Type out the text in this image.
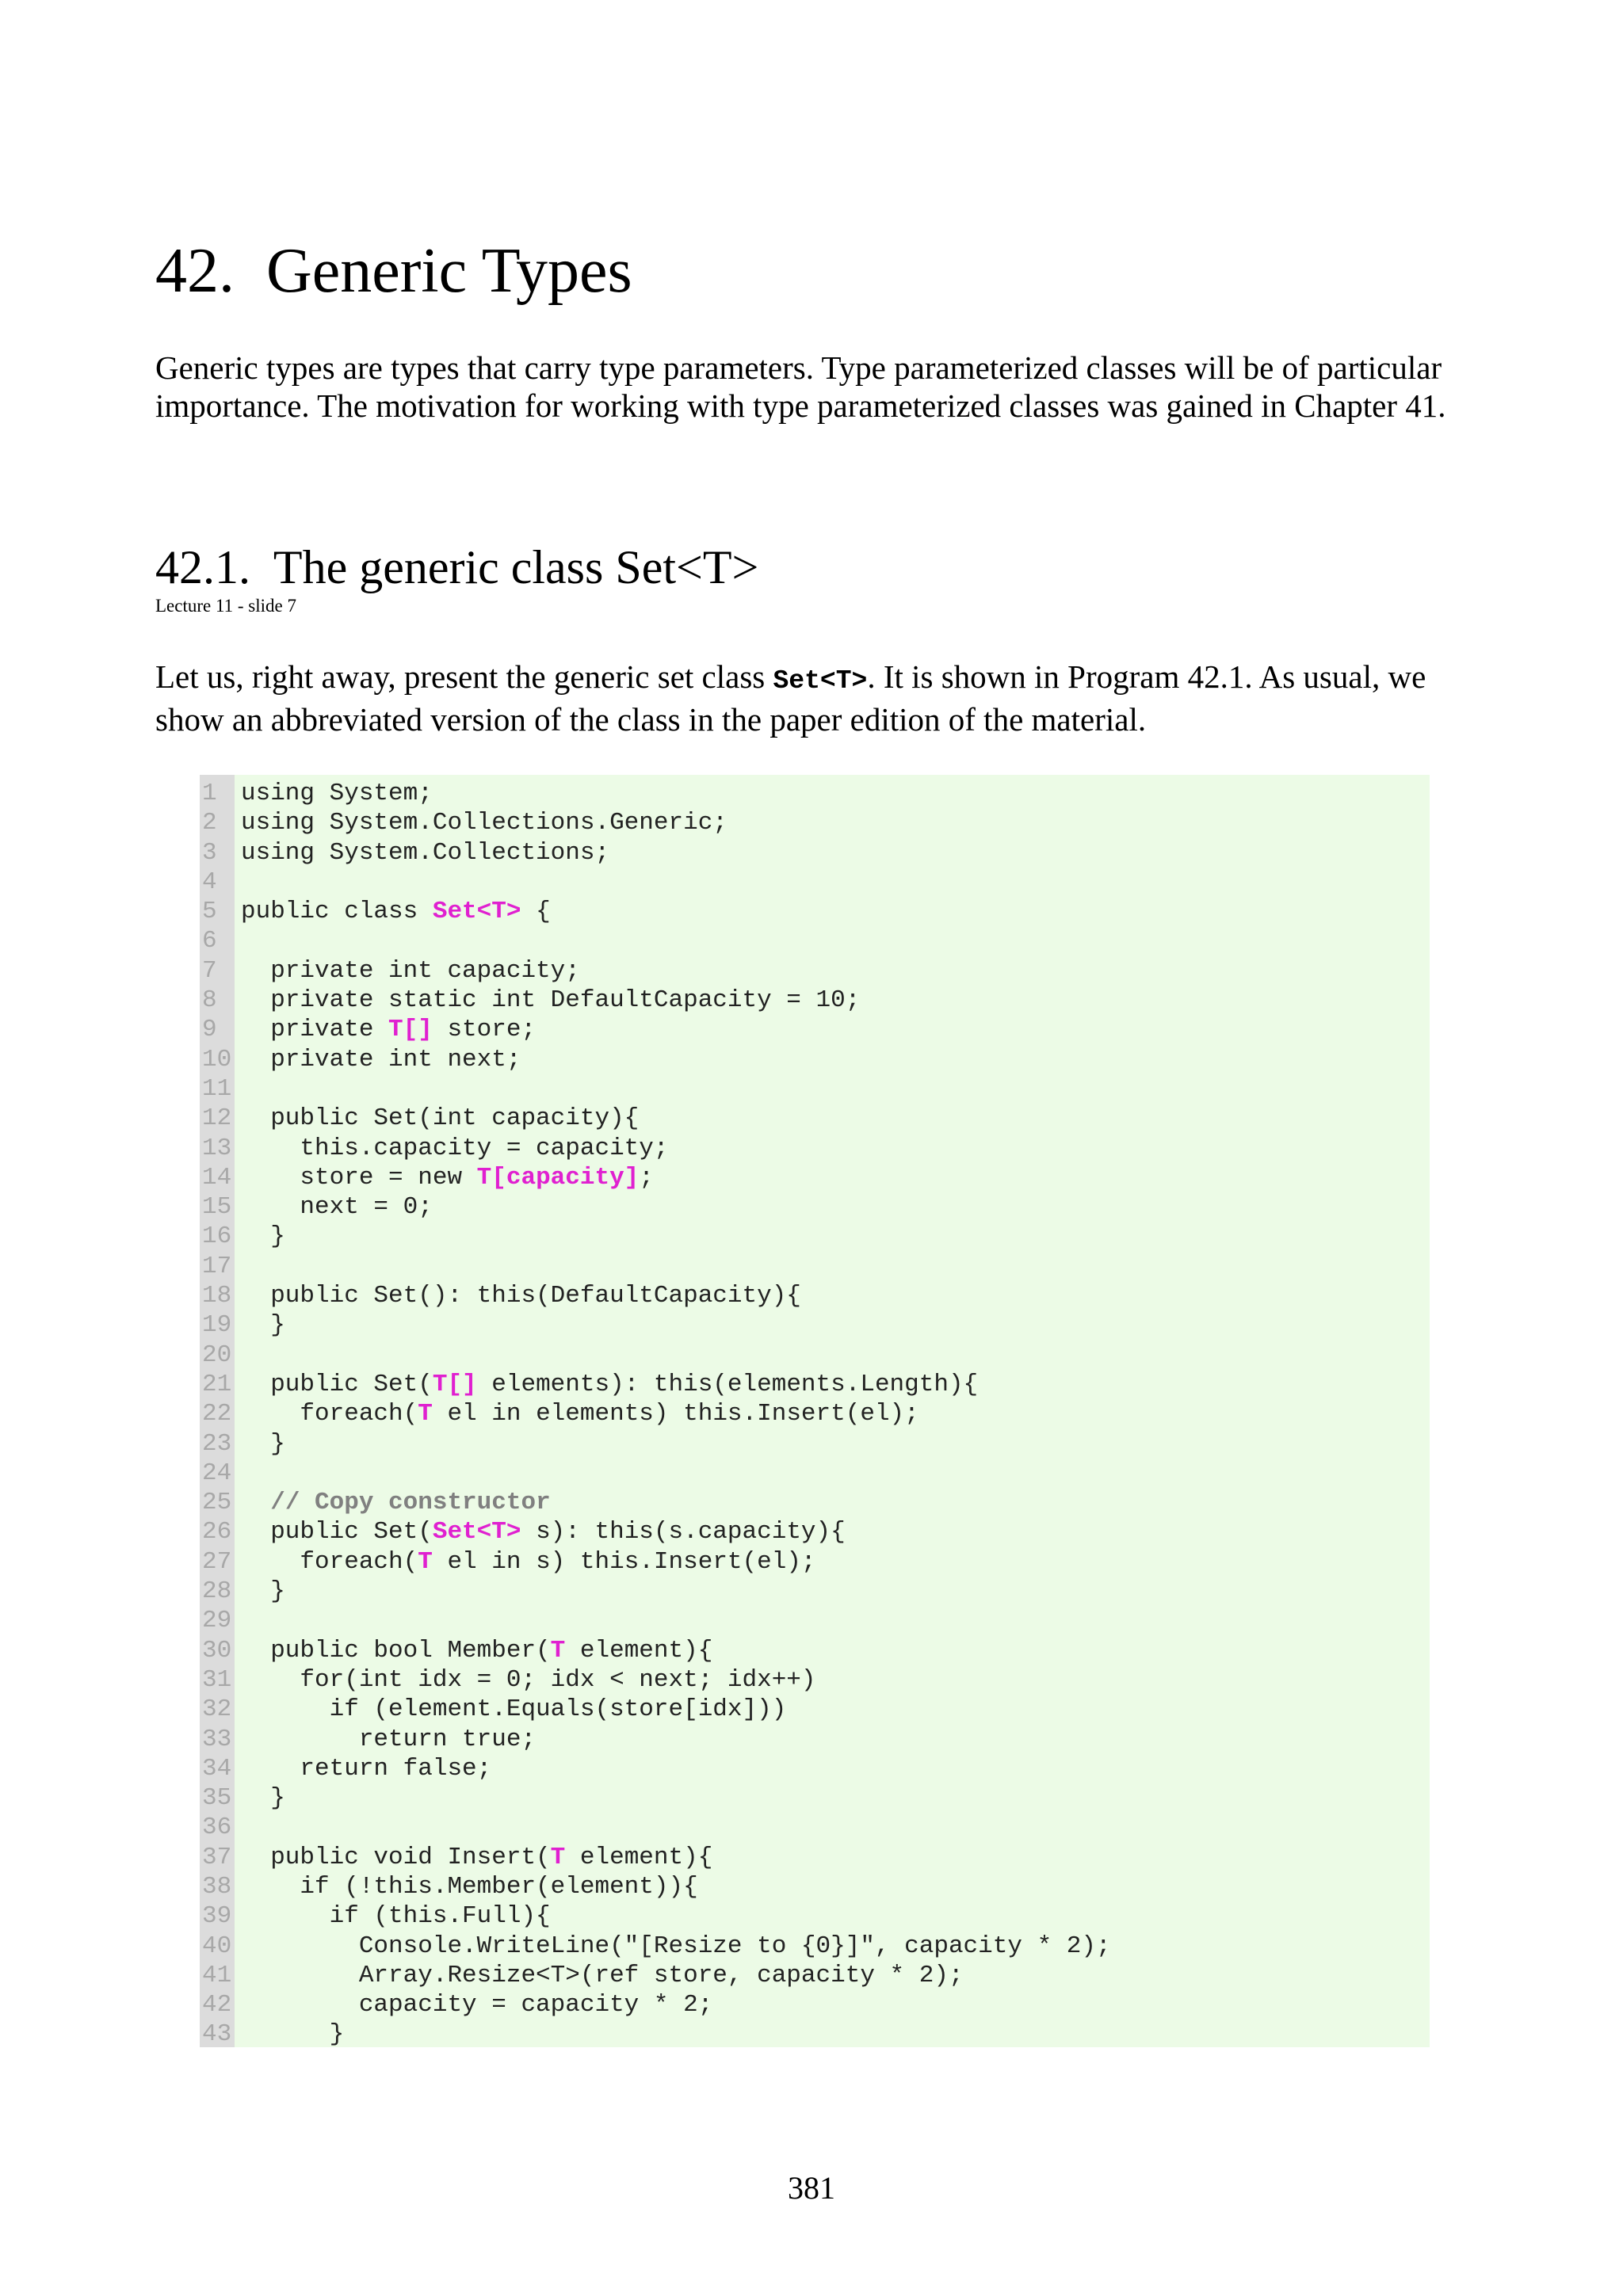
42.  Generic Types

Generic types are types that carry type parameters. Type parameterized classes will be of particular importance. The motivation for working with type parameterized classes was gained in Chapter 41.

42.1.  The generic class Set<T>
Lecture 11 - slide 7

Let us, right away, present the generic set class Set<T>. It is shown in Program 42.1. As usual, we show an abbreviated version of the class in the paper edition of the material.

1 using System;
2 using System.Collections.Generic;
3 using System.Collections;
4
5 public class Set<T> {
6
7 private int capacity;
8 private static int DefaultCapacity = 10;
9 private T[] store;
10 private int next;
11
12 public Set(int capacity){
13 this.capacity = capacity;
14 store = new T[capacity];
15 next = 0;
16 }
17
18 public Set(): this(DefaultCapacity){
19 }
20
21 public Set(T[] elements): this(elements.Length){
22 foreach(T el in elements) this.Insert(el);
23 }
24
25	// Copy constructor
26 public Set(Set<T> s): this(s.capacity){
27 foreach(T el in s) this.Insert(el);
28 }
29
30 public bool Member(T element){
31 for(int idx = 0; idx < next; idx++)
32 if (element.Equals(store[idx]))
33 return true;
34 return false;
35 }
36
37 public void Insert(T element){
38 if (!this.Member(element)){
39 if (this.Full){
40 Console.WriteLine("[Resize to {0}]", capacity * 2);
41 Array.Resize<T>(ref store, capacity * 2);
42 capacity = capacity * 2;
43 }
381
